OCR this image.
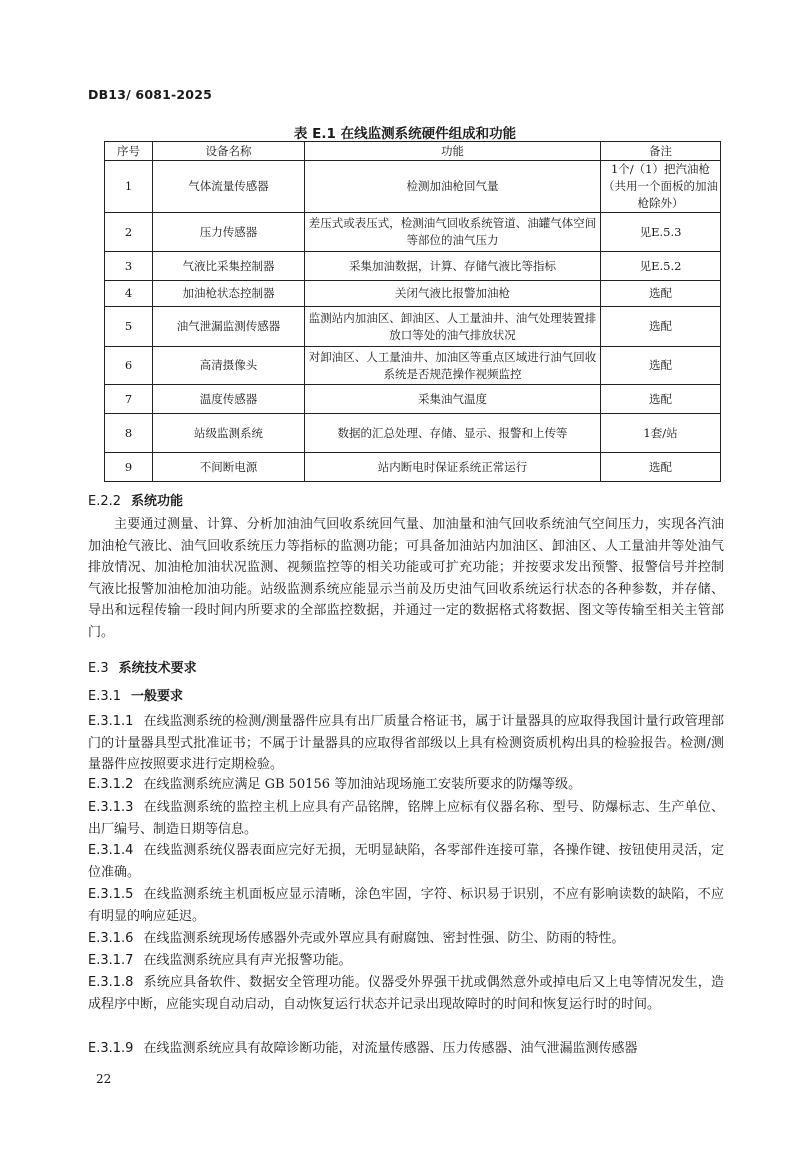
DB13/ 6081-2025
表 E.1 在线监测系统硬件组成和功能
序号	设备名称	功能	备注
1	气体流量传感器	检测加油枪回气量	1个/（1）把汽油枪（共用一个面板的加油枪除外）
2	压力传感器	差压式或表压式，检测油气回收系统管道、油罐气体空间等部位的油气压力	见E.5.3
3	气液比采集控制器	采集加油数据，计算、存储气液比等指标	见E.5.2
4	加油枪状态控制器	关闭气液比报警加油枪	选配
5	油气泄漏监测传感器	监测站内加油区、卸油区、人工量油井、油气处理装置排放口等处的油气排放状况	选配
6	高清摄像头	对卸油区、人工量油井、加油区等重点区域进行油气回收系统是否规范操作视频监控	选配
7	温度传感器	采集油气温度	选配
8	站级监测系统	数据的汇总处理、存储、显示、报警和上传等	1套/站
9	不间断电源	站内断电时保证系统正常运行	选配
E.2.2 系统功能

主要通过测量、计算、分析加油油气回收系统回气量、加油量和油气回收系统油气空间压力，实现各汽油加油枪气液比、油气回收系统压力等指标的监测功能；可具备加油站内加油区、卸油区、人工量油井等处油气排放情况、加油枪加油状况监测、视频监控等的相关功能或可扩充功能；并按要求发出预警、报警信号并控制气液比报警加油枪加油功能。站级监测系统应能显示当前及历史油气回收系统运行状态的各种参数，并存储、导出和远程传输一段时间内所要求的全部监控数据，并通过一定的数据格式将数据、图文等传输至相关主管部门。

E.3 系统技术要求
E.3.1 一般要求

E.3.1.1 在线监测系统的检测/测量器件应具有出厂质量合格证书，属于计量器具的应取得我国计量行政管理部门的计量器具型式批准证书；不属于计量器具的应取得省部级以上具有检测资质机构出具的检验报告。检测/测量器件应按照要求进行定期检验。

E.3.1.2 在线监测系统应满足 GB 50156 等加油站现场施工安装所要求的防爆等级。

E.3.1.3 在线监测系统的监控主机上应具有产品铭牌，铭牌上应标有仪器名称、型号、防爆标志、生产单位、出厂编号、制造日期等信息。

E.3.1.4 在线监测系统仪器表面应完好无损，无明显缺陷，各零部件连接可靠，各操作键、按钮使用灵活，定位准确。

E.3.1.5 在线监测系统主机面板应显示清晰，涂色牢固，字符、标识易于识别，不应有影响读数的缺陷，不应有明显的响应延迟。

E.3.1.6 在线监测系统现场传感器外壳或外罩应具有耐腐蚀、密封性强、防尘、防雨的特性。

E.3.1.7 在线监测系统应具有声光报警功能。

E.3.1.8 系统应具备软件、数据安全管理功能。仪器受外界强干扰或偶然意外或掉电后又上电等情况发生，造成程序中断，应能实现自动启动，自动恢复运行状态并记录出现故障时的时间和恢复运行时的时间。

E.3.1.9 在线监测系统应具有故障诊断功能，对流量传感器、压力传感器、油气泄漏监测传感器

22
